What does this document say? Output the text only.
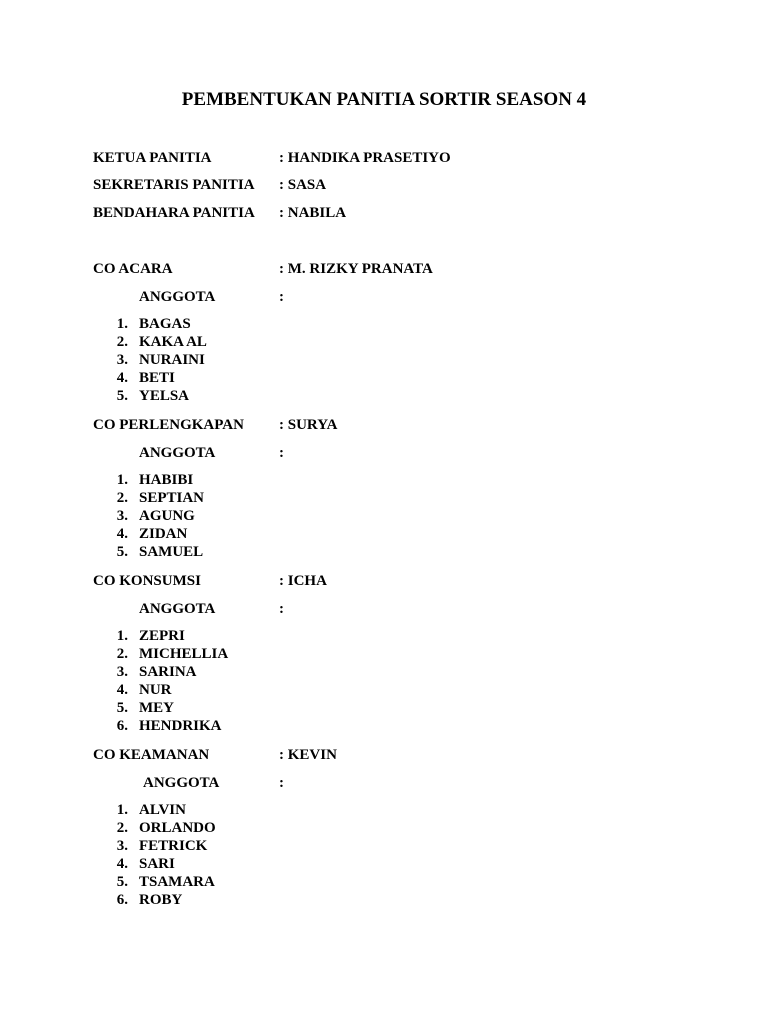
PEMBENTUKAN PANITIA SORTIR SEASON 4
KETUA PANITIA	: HANDIKA PRASETIYO
SEKRETARIS PANITIA : SASA
BENDAHARA PANITIA : NABILA
CO ACARA	: M. RIZKY PRANATA
ANGGOTA	:
1. BAGAS
2. KAKA AL
3. NURAINI
4. BETI
5. YELSA
CO PERLENGKAPAN : SURYA
ANGGOTA	:
1. HABIBI
2. SEPTIAN
3. AGUNG
4. ZIDAN
5. SAMUEL
CO KONSUMSI	: ICHA
ANGGOTA	:
1. ZEPRI
2. MICHELLIA
3. SARINA
4. NUR
5. MEY
6. HENDRIKA
CO KEAMANAN	: KEVIN
ANGGOTA	:
1. ALVIN
2. ORLANDO
3. FETRICK
4. SARI
5. TSAMARA
6. ROBY
